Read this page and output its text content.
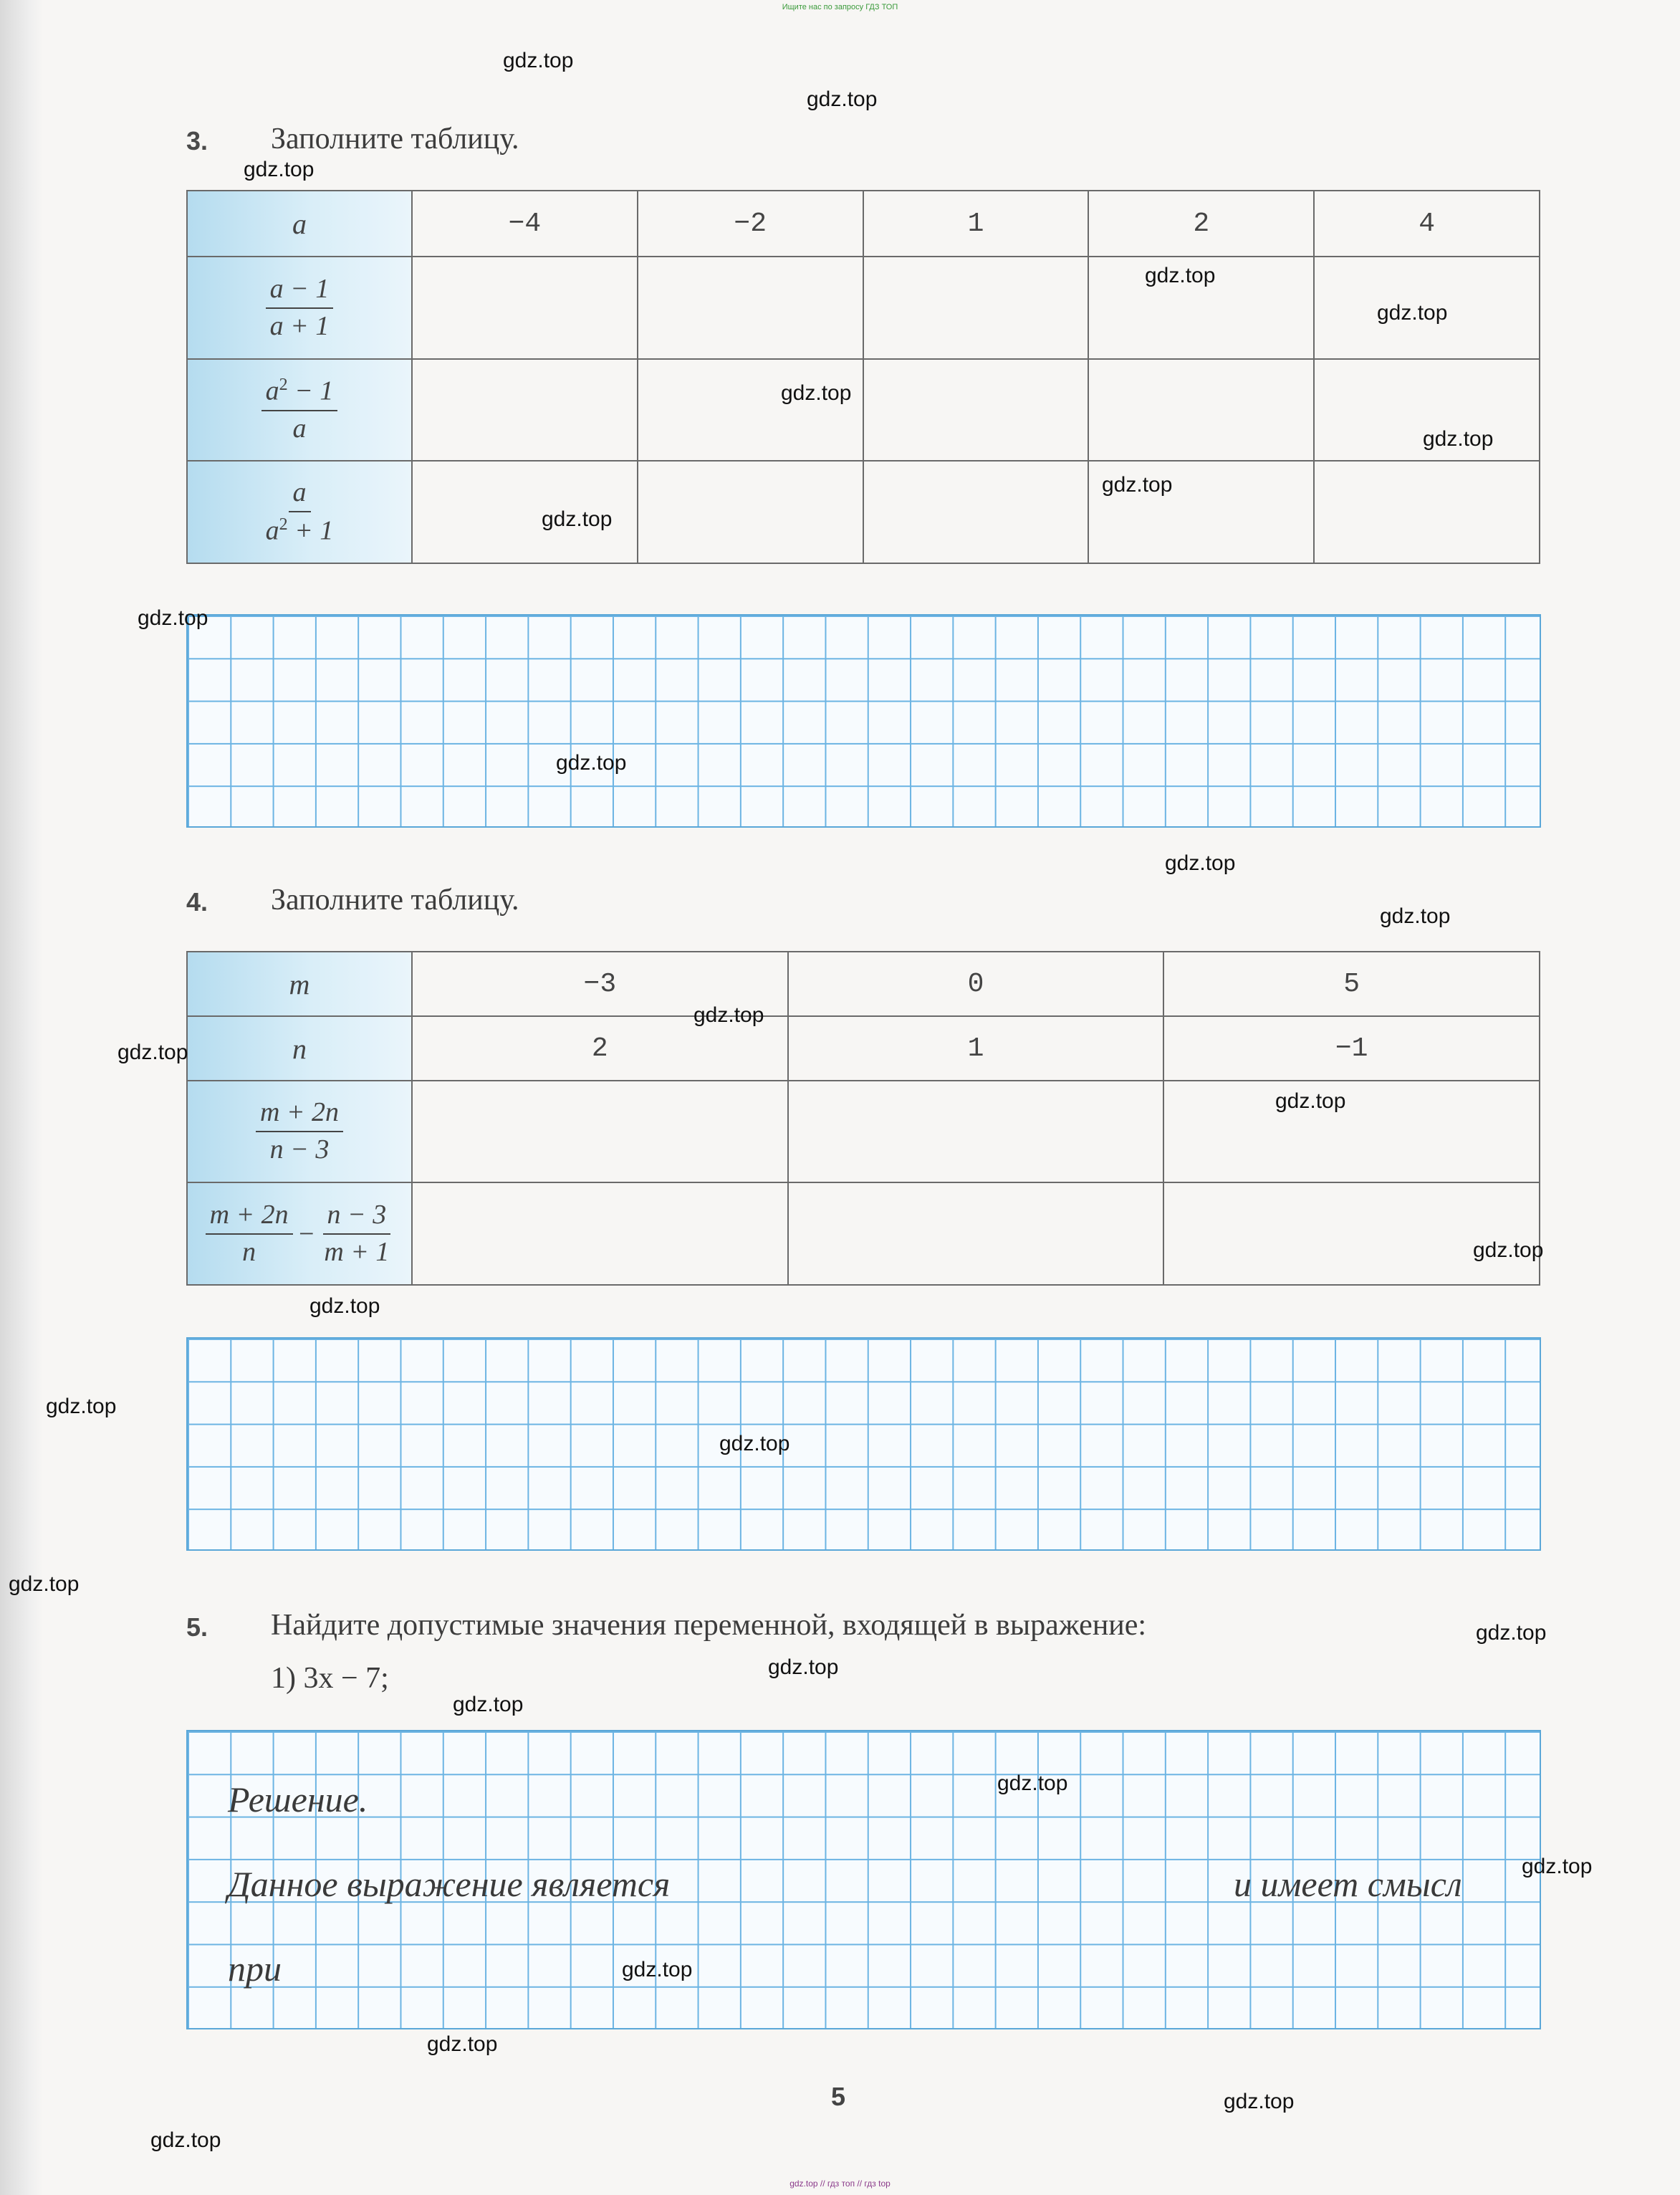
Ищите нас по запросу ГДЗ ТОП
3. Заполните таблицу.
a	−4	−2	1	2	4

$\frac{a - 1}{a + 1}$

$\frac{a^2 - 1}{a}$

$\frac{a}{a^2 + 1}$

4. Заполните таблицу.
m	−3	0	5
n	2	1	−1

$\frac{m + 2n}{n - 3}$

$\frac{m + 2n}{n} - \frac{n - 3}{m + 1}$

5. Найдите допустимые значения переменной, входящей в выражение:
1) 3x − 7;
Решение.
Данное выражение является	и имеет смысл
при
5
gdz.top
gdz.top
gdz.top
gdz.top
gdz.top
gdz.top
gdz.top
gdz.top
gdz.top
gdz.top
gdz.top
gdz.top
gdz.top
gdz.top
gdz.top
gdz.top
gdz.top
gdz.top
gdz.top
gdz.top
gdz.top
gdz.top
gdz.top
gdz.top
gdz.top
gdz.top
gdz.top
gdz.top
gdz.top
gdz.top
gdz.top // гдз топ // гдз top
